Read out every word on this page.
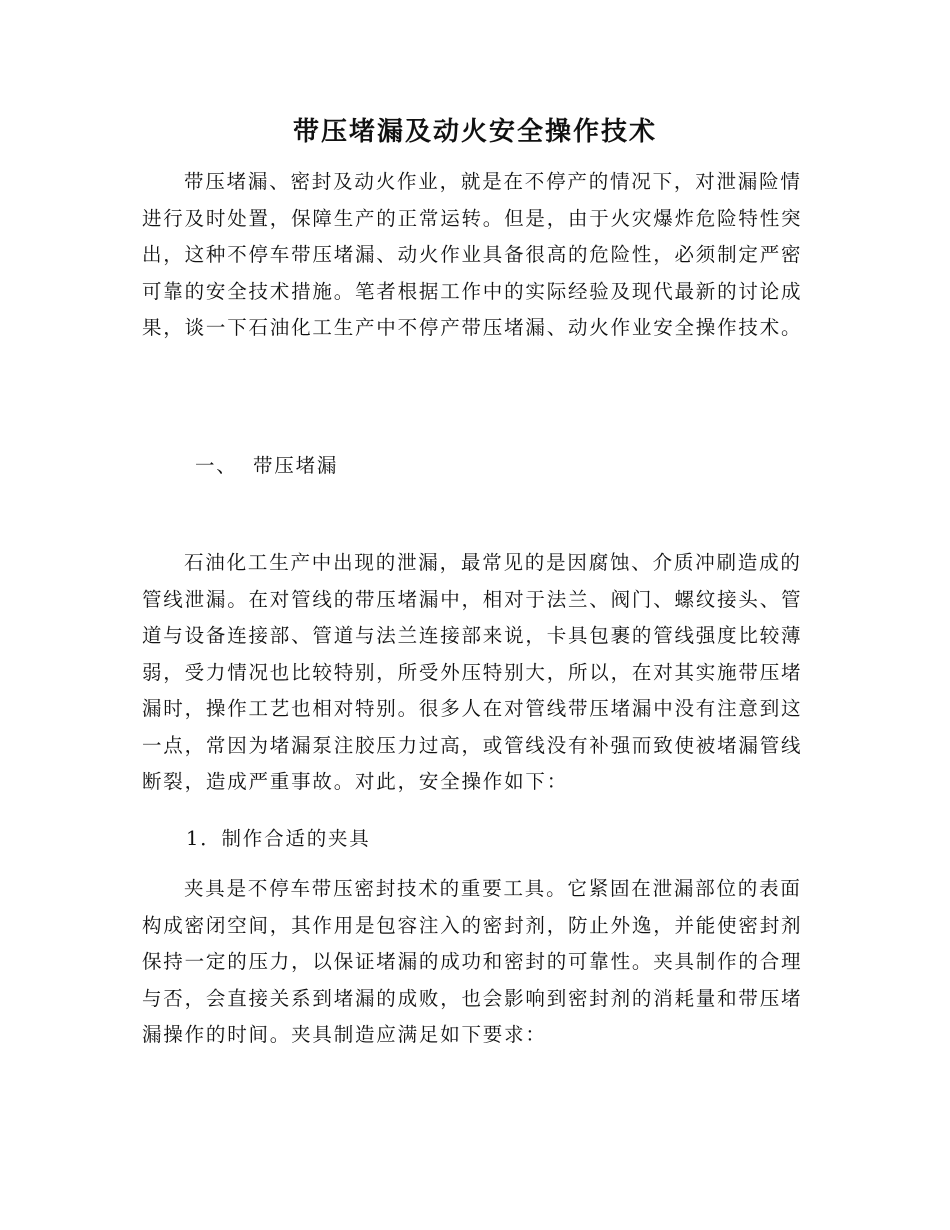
带压堵漏及动火安全操作技术
带压堵漏、密封及动火作业，就是在不停产的情况下，对泄漏险情进行及时处置，保障生产的正常运转。但是，由于火灾爆炸危险特性突出，这种不停车带压堵漏、动火作业具备很高的危险性，必须制定严密可靠的安全技术措施。笔者根据工作中的实际经验及现代最新的讨论成果，谈一下石油化工生产中不停产带压堵漏、动火作业安全操作技术。
一、 带压堵漏
石油化工生产中出现的泄漏，最常见的是因腐蚀、介质冲刷造成的管线泄漏。在对管线的带压堵漏中，相对于法兰、阀门、螺纹接头、管道与设备连接部、管道与法兰连接部来说，卡具包裹的管线强度比较薄弱，受力情况也比较特别，所受外压特别大，所以，在对其实施带压堵漏时，操作工艺也相对特别。很多人在对管线带压堵漏中没有注意到这一点，常因为堵漏泵注胶压力过高，或管线没有补强而致使被堵漏管线断裂，造成严重事故。对此，安全操作如下：
1．制作合适的夹具
夹具是不停车带压密封技术的重要工具。它紧固在泄漏部位的表面构成密闭空间，其作用是包容注入的密封剂，防止外逸，并能使密封剂保持一定的压力，以保证堵漏的成功和密封的可靠性。夹具制作的合理与否，会直接关系到堵漏的成败，也会影响到密封剂的消耗量和带压堵漏操作的时间。夹具制造应满足如下要求：
